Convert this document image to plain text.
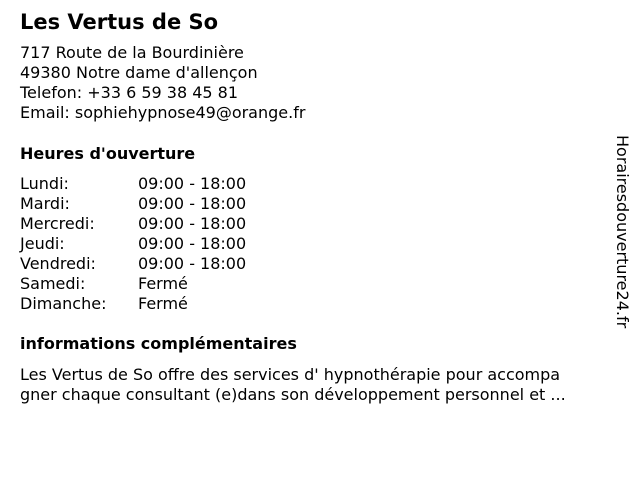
Les Vertus de So
717 Route de la Bourdinière
49380 Notre dame d'allençon
Telefon: +33 6 59 38 45 81
Email: sophiehypnose49@orange.fr
Heures d'ouverture
Lundi:	09:00 - 18:00
Mardi:	09:00 - 18:00
Mercredi:	09:00 - 18:00
Jeudi:	09:00 - 18:00
Vendredi:	09:00 - 18:00
Samedi:	Fermé
Dimanche:	Fermé
informations complémentaires
Les Vertus de So offre des services d' hypnothérapie pour accompa
gner chaque consultant (e)dans son développement personnel et ...
Horairesdouverture24.fr
